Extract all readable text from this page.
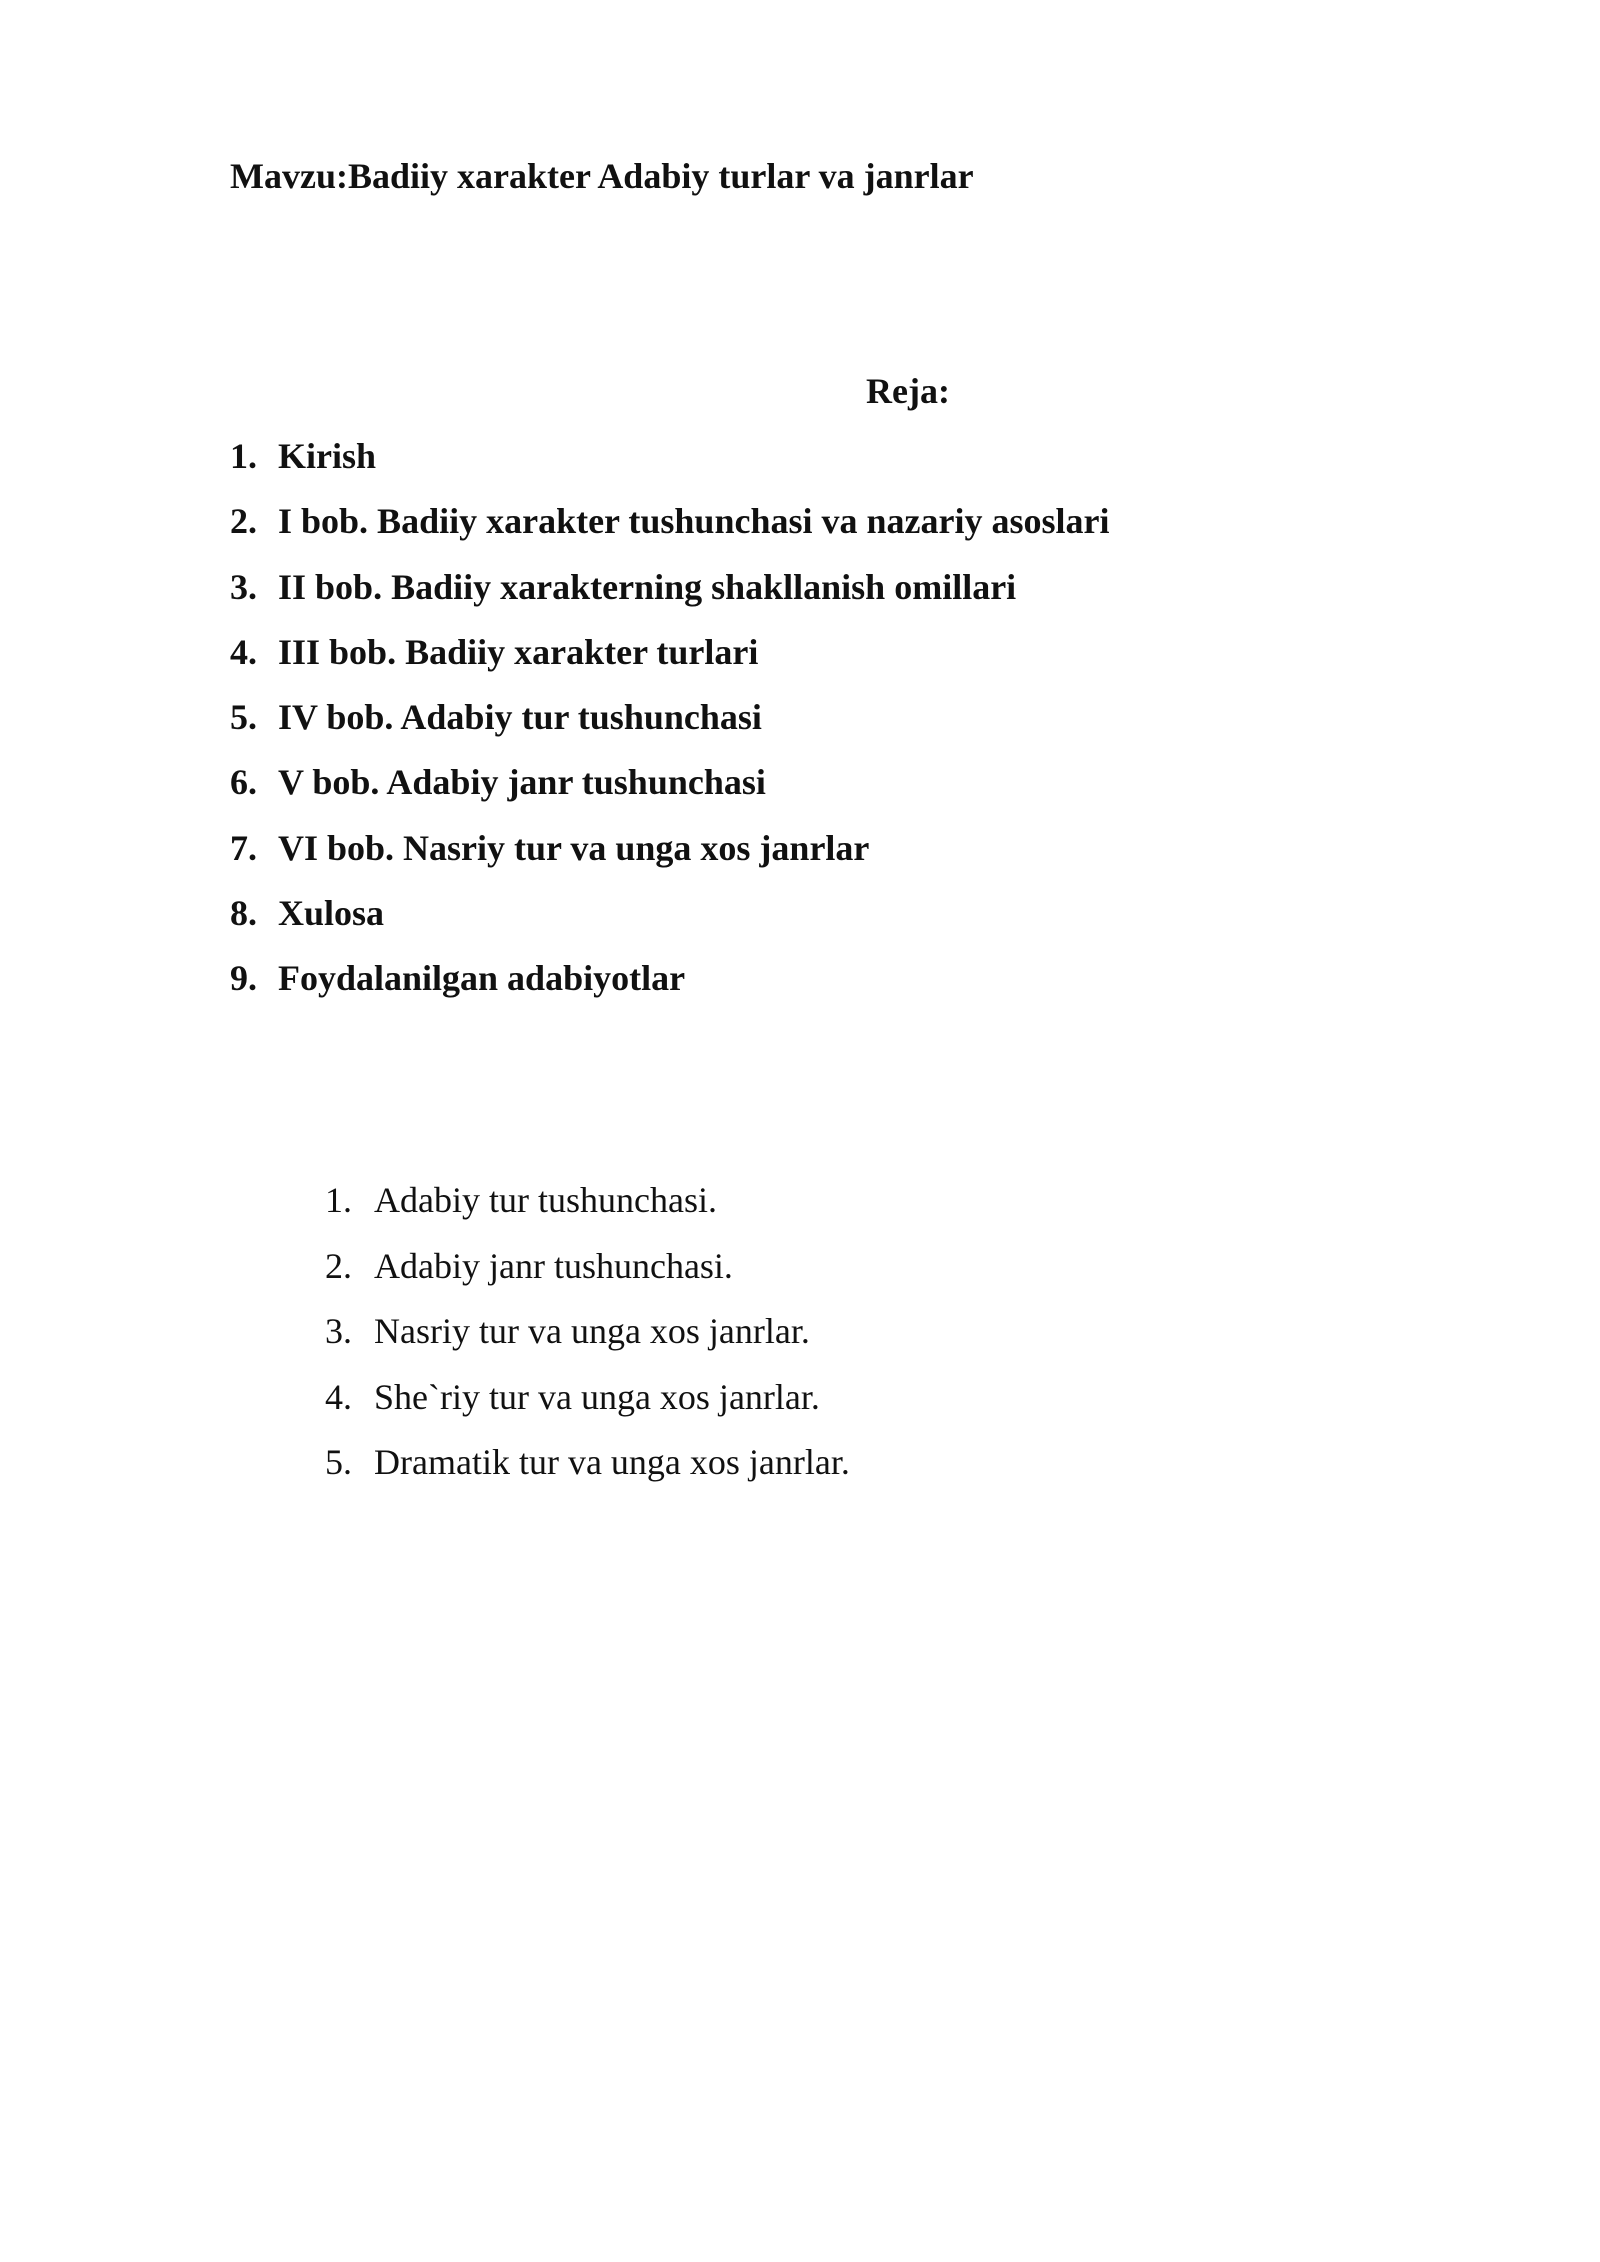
Mavzu:Badiiy xarakter Adabiy turlar va janrlar
Reja:
1. Kirish
2. I bob. Badiiy xarakter tushunchasi va nazariy asoslari
3. II bob. Badiiy xarakterning shakllanish omillari
4. III bob. Badiiy xarakter turlari
5. IV bob. Adabiy tur tushunchasi
6. V bob. Adabiy janr tushunchasi
7. VI bob. Nasriy tur va unga xos janrlar
8. Xulosa
9. Foydalanilgan adabiyotlar
1. Adabiy tur tushunchasi.
2. Adabiy janr tushunchasi.
3. Nasriy tur va unga xos janrlar.
4. She`riy tur va unga xos janrlar.
5. Dramatik tur va unga xos janrlar.
